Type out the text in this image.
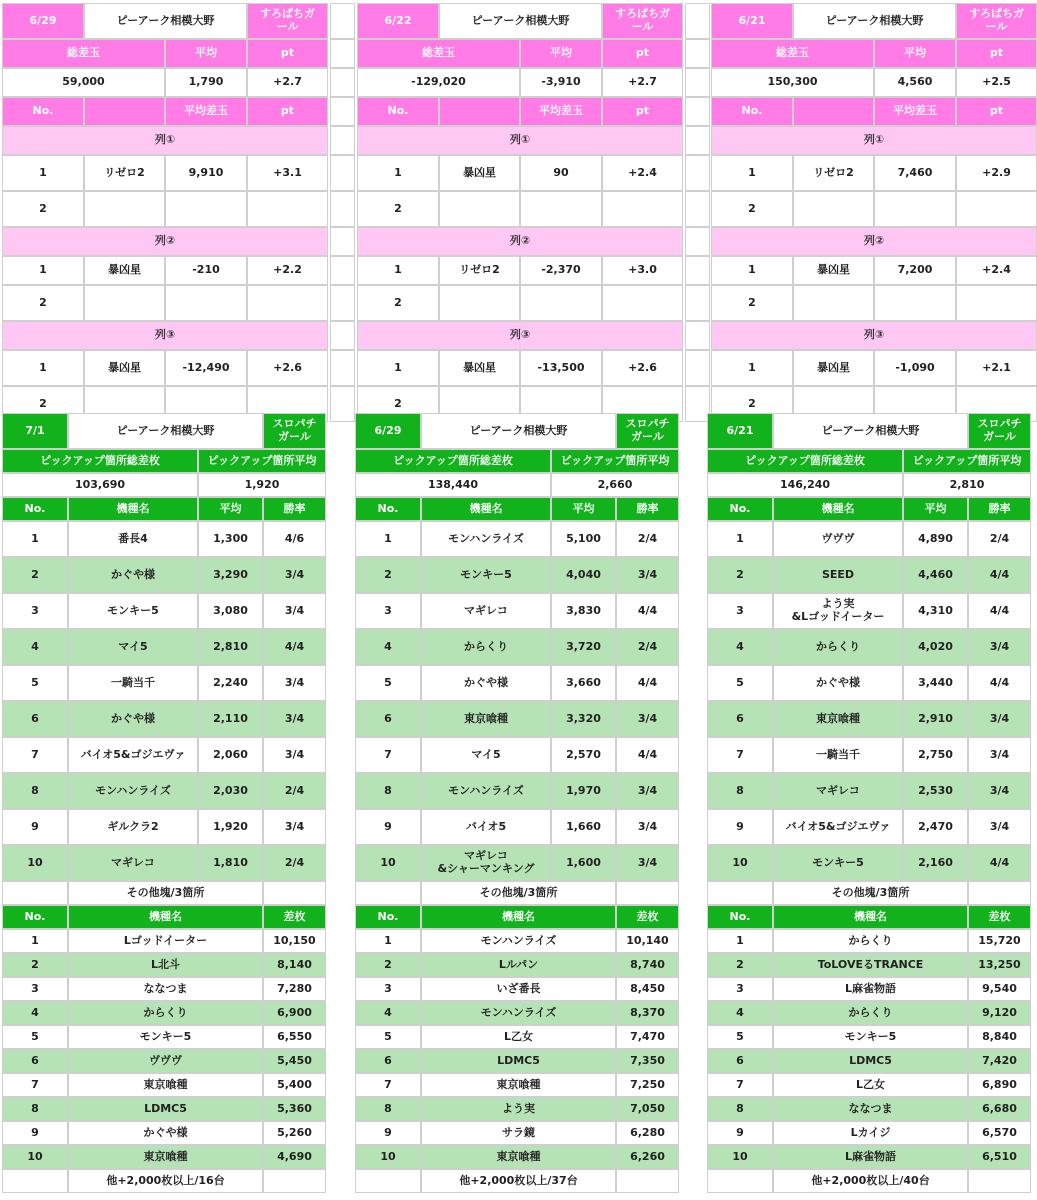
6/29	ピーアーク相模大野		すろぱちガール
総差玉		平均	pt
59,000		1,790	+2.7
No.		平均差玉	pt
列①			
1	リゼロ2	9,910	+3.1
2			
列②			
1	暴凶星	-210	+2.2
2			
列③			
1	暴凶星	-12,490	+2.6
2			
6/22	ピーアーク相模大野		すろぱちガール
総差玉		平均	pt
-129,020		-3,910	+2.7
No.		平均差玉	pt
列①			
1	暴凶星	90	+2.4
2			
列②			
1	リゼロ2	-2,370	+3.0
2			
列③			
1	暴凶星	-13,500	+2.6
2			
6/21	ピーアーク相模大野		すろぱちガール
総差玉		平均	pt
150,300		4,560	+2.5
No.		平均差玉	pt
列①			
1	リゼロ2	7,460	+2.9
2			
列②			
1	暴凶星	7,200	+2.4
2			
列③			
1	暴凶星	-1,090	+2.1
2			

7/1	ピーアーク相模大野		スロパチガール
ピックアップ箇所総差枚		ピックアップ箇所平均	
103,690		1,920	
No.	機種名	平均	勝率
1	番長4	1,300	4/6
2	かぐや様	3,290	3/4
3	モンキー5	3,080	3/4
4	マイ5	2,810	4/4
5	一騎当千	2,240	3/4
6	かぐや様	2,110	3/4
7	バイオ5&ゴジエヴァ	2,060	3/4
8	モンハンライズ	2,030	2/4
9	ギルクラ2	1,920	3/4
10	マギレコ	1,810	2/4
	その他塊/3箇所		
No.	機種名		差枚
1	Lゴッドイーター		10,150
2	L北斗		8,140
3	ななつま		7,280
4	からくり		6,900
5	モンキー5		6,550
6	ヴヴヴ		5,450
7	東京喰種		5,400
8	LDMC5		5,360
9	かぐや様		5,260
10	東京喰種		4,690
	他+2,000枚以上/16台		
6/29	ピーアーク相模大野		スロパチガール
ピックアップ箇所総差枚		ピックアップ箇所平均	
138,440		2,660	
No.	機種名	平均	勝率
1	モンハンライズ	5,100	2/4
2	モンキー5	4,040	3/4
3	マギレコ	3,830	4/4
4	からくり	3,720	2/4
5	かぐや様	3,660	4/4
6	東京喰種	3,320	3/4
7	マイ5	2,570	4/4
8	モンハンライズ	1,970	3/4
9	バイオ5	1,660	3/4
10	マギレコ
&シャーマンキング	1,600	3/4
	その他塊/3箇所		
No.	機種名		差枚
1	モンハンライズ		10,140
2	Lルパン		8,740
3	いざ番長		8,450
4	モンハンライズ		8,370
5	L乙女		7,470
6	LDMC5		7,350
7	東京喰種		7,250
8	よう実		7,050
9	サラ鏡		6,280
10	東京喰種		6,260
	他+2,000枚以上/37台		
6/21	ピーアーク相模大野		スロパチガール
ピックアップ箇所総差枚		ピックアップ箇所平均	
146,240		2,810	
No.	機種名	平均	勝率
1	ヴヴヴ	4,890	2/4
2	SEED	4,460	4/4
3	よう実
&Lゴッドイーター	4,310	4/4
4	からくり	4,020	3/4
5	かぐや様	3,440	4/4
6	東京喰種	2,910	3/4
7	一騎当千	2,750	3/4
8	マギレコ	2,530	3/4
9	バイオ5&ゴジエヴァ	2,470	3/4
10	モンキー5	2,160	4/4
	その他塊/3箇所		
No.	機種名		差枚
1	からくり		15,720
2	ToLOVEるTRANCE		13,250
3	L麻雀物語		9,540
4	からくり		9,120
5	モンキー5		8,840
6	LDMC5		7,420
7	L乙女		6,890
8	ななつま		6,680
9	Lカイジ		6,570
10	L麻雀物語		6,510
	他+2,000枚以上/40台		
